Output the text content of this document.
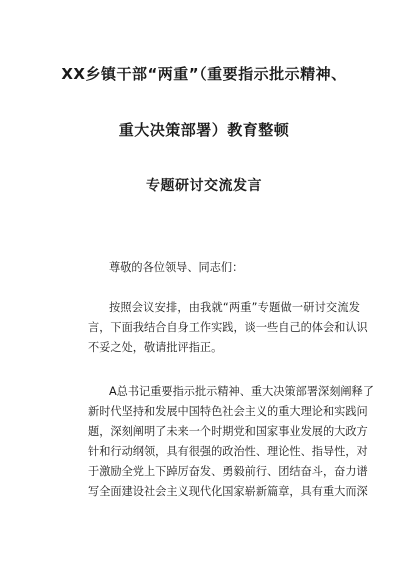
XX乡镇干部“两重”（重要指示批示精神、
重大决策部署）教育整顿
专题研讨交流发言
尊敬的各位领导、同志们：
按照会议安排，由我就“两重”专题做一研讨交流发
言，下面我结合自身工作实践，谈一些自己的体会和认识
不妥之处，敬请批评指正。
A总书记重要指示批示精神、重大决策部署深刻阐释了
新时代坚持和发展中国特色社会主义的重大理论和实践问
题，深刻阐明了未来一个时期党和国家事业发展的大政方
针和行动纲领，具有很强的政治性、理论性、指导性，对
于激励全党上下踔厉奋发、勇毅前行、团结奋斗，奋力谱
写全面建设社会主义现代化国家崭新篇章，具有重大而深
